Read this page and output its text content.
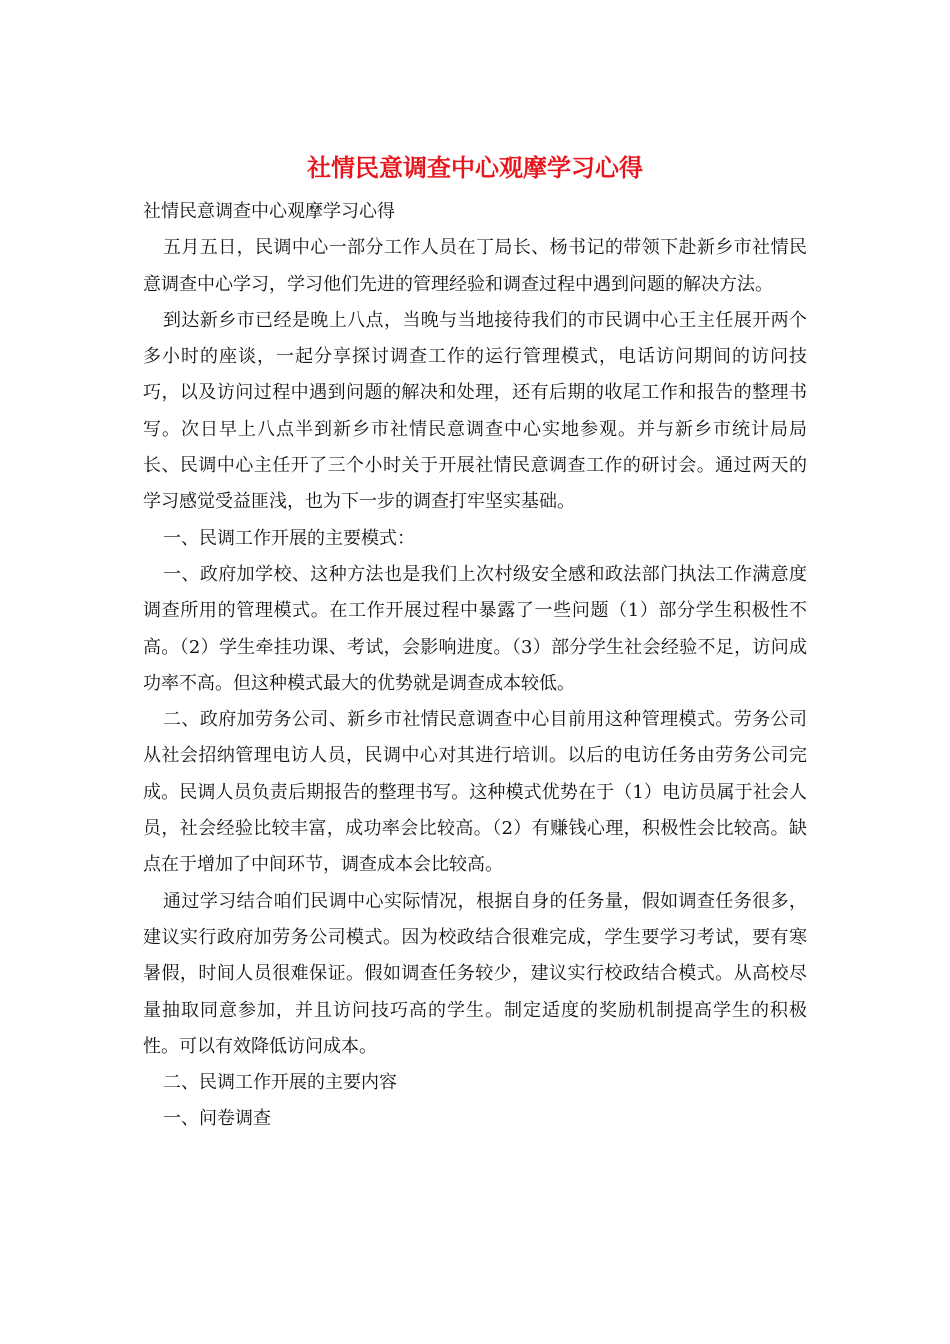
社情民意调查中心观摩学习心得

社情民意调查中心观摩学习心得

五月五日，民调中心一部分工作人员在丁局长、杨书记的带领下赴新乡市社情民意调查中心学习，学习他们先进的管理经验和调查过程中遇到问题的解决方法。

到达新乡市已经是晚上八点，当晚与当地接待我们的市民调中心王主任展开两个多小时的座谈，一起分享探讨调查工作的运行管理模式，电话访问期间的访问技巧，以及访问过程中遇到问题的解决和处理，还有后期的收尾工作和报告的整理书写。次日早上八点半到新乡市社情民意调查中心实地参观。并与新乡市统计局局长、民调中心主任开了三个小时关于开展社情民意调查工作的研讨会。通过两天的学习感觉受益匪浅，也为下一步的调查打牢坚实基础。

一、民调工作开展的主要模式：

一、政府加学校、这种方法也是我们上次村级安全感和政法部门执法工作满意度调查所用的管理模式。在工作开展过程中暴露了一些问题（1）部分学生积极性不高。（2）学生牵挂功课、考试，会影响进度。（3）部分学生社会经验不足，访问成功率不高。但这种模式最大的优势就是调查成本较低。

二、政府加劳务公司、新乡市社情民意调查中心目前用这种管理模式。劳务公司从社会招纳管理电访人员，民调中心对其进行培训。以后的电访任务由劳务公司完成。民调人员负责后期报告的整理书写。这种模式优势在于（1）电访员属于社会人员，社会经验比较丰富，成功率会比较高。（2）有赚钱心理，积极性会比较高。缺点在于增加了中间环节，调查成本会比较高。

通过学习结合咱们民调中心实际情况，根据自身的任务量，假如调查任务很多，建议实行政府加劳务公司模式。因为校政结合很难完成，学生要学习考试，要有寒暑假，时间人员很难保证。假如调查任务较少，建议实行校政结合模式。从高校尽量抽取同意参加，并且访问技巧高的学生。制定适度的奖励机制提高学生的积极性。可以有效降低访问成本。

二、民调工作开展的主要内容

一、问卷调查
